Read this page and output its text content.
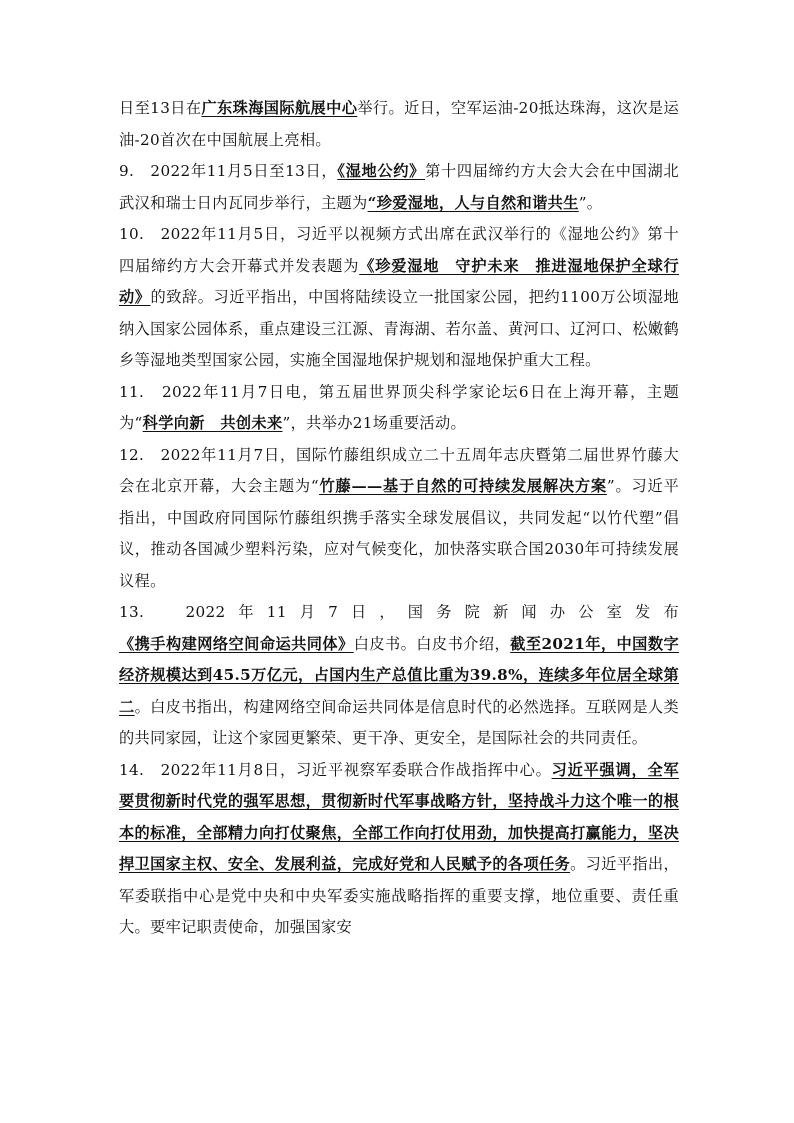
日至13日在广东珠海国际航展中心举行。近日，空军运油-20抵达珠海，这次是运油-20首次在中国航展上亮相。

9.　2022年11月5日至13日，《湿地公约》第十四届缔约方大会大会在中国湖北武汉和瑞士日内瓦同步举行，主题为“珍爱湿地，人与自然和谐共生”。

10.　2022年11月5日，习近平以视频方式出席在武汉举行的《湿地公约》第十四届缔约方大会开幕式并发表题为《珍爱湿地　守护未来　推进湿地保护全球行动》的致辞。习近平指出，中国将陆续设立一批国家公园，把约1100万公顷湿地纳入国家公园体系，重点建设三江源、青海湖、若尔盖、黄河口、辽河口、松嫩鹤乡等湿地类型国家公园，实施全国湿地保护规划和湿地保护重大工程。

11.　2022年11月7日电，第五届世界顶尖科学家论坛6日在上海开幕，主题为“科学向新　共创未来”，共举办21场重要活动。

12.　2022年11月7日，国际竹藤组织成立二十五周年志庆暨第二届世界竹藤大会在北京开幕，大会主题为“竹藤——基于自然的可持续发展解决方案”。习近平指出，中国政府同国际竹藤组织携手落实全球发展倡议，共同发起“以竹代塑”倡议，推动各国减少塑料污染，应对气候变化，加快落实联合国2030年可持续发展议程。

13.　2022年11月7日，国务院新闻办公室发布《携手构建网络空间命运共同体》白皮书。白皮书介绍，截至2021年，中国数字经济规模达到45.5万亿元，占国内生产总值比重为39.8%，连续多年位居全球第二。白皮书指出，构建网络空间命运共同体是信息时代的必然选择。互联网是人类的共同家园，让这个家园更繁荣、更干净、更安全，是国际社会的共同责任。

14.　2022年11月8日，习近平视察军委联合作战指挥中心。习近平强调，全军要贯彻新时代党的强军思想，贯彻新时代军事战略方针，坚持战斗力这个唯一的根本的标准，全部精力向打仗聚焦，全部工作向打仗用劲，加快提高打赢能力，坚决捍卫国家主权、安全、发展利益，完成好党和人民赋予的各项任务。习近平指出，军委联指中心是党中央和中央军委实施战略指挥的重要支撑，地位重要、责任重大。要牢记职责使命，加强国家安
